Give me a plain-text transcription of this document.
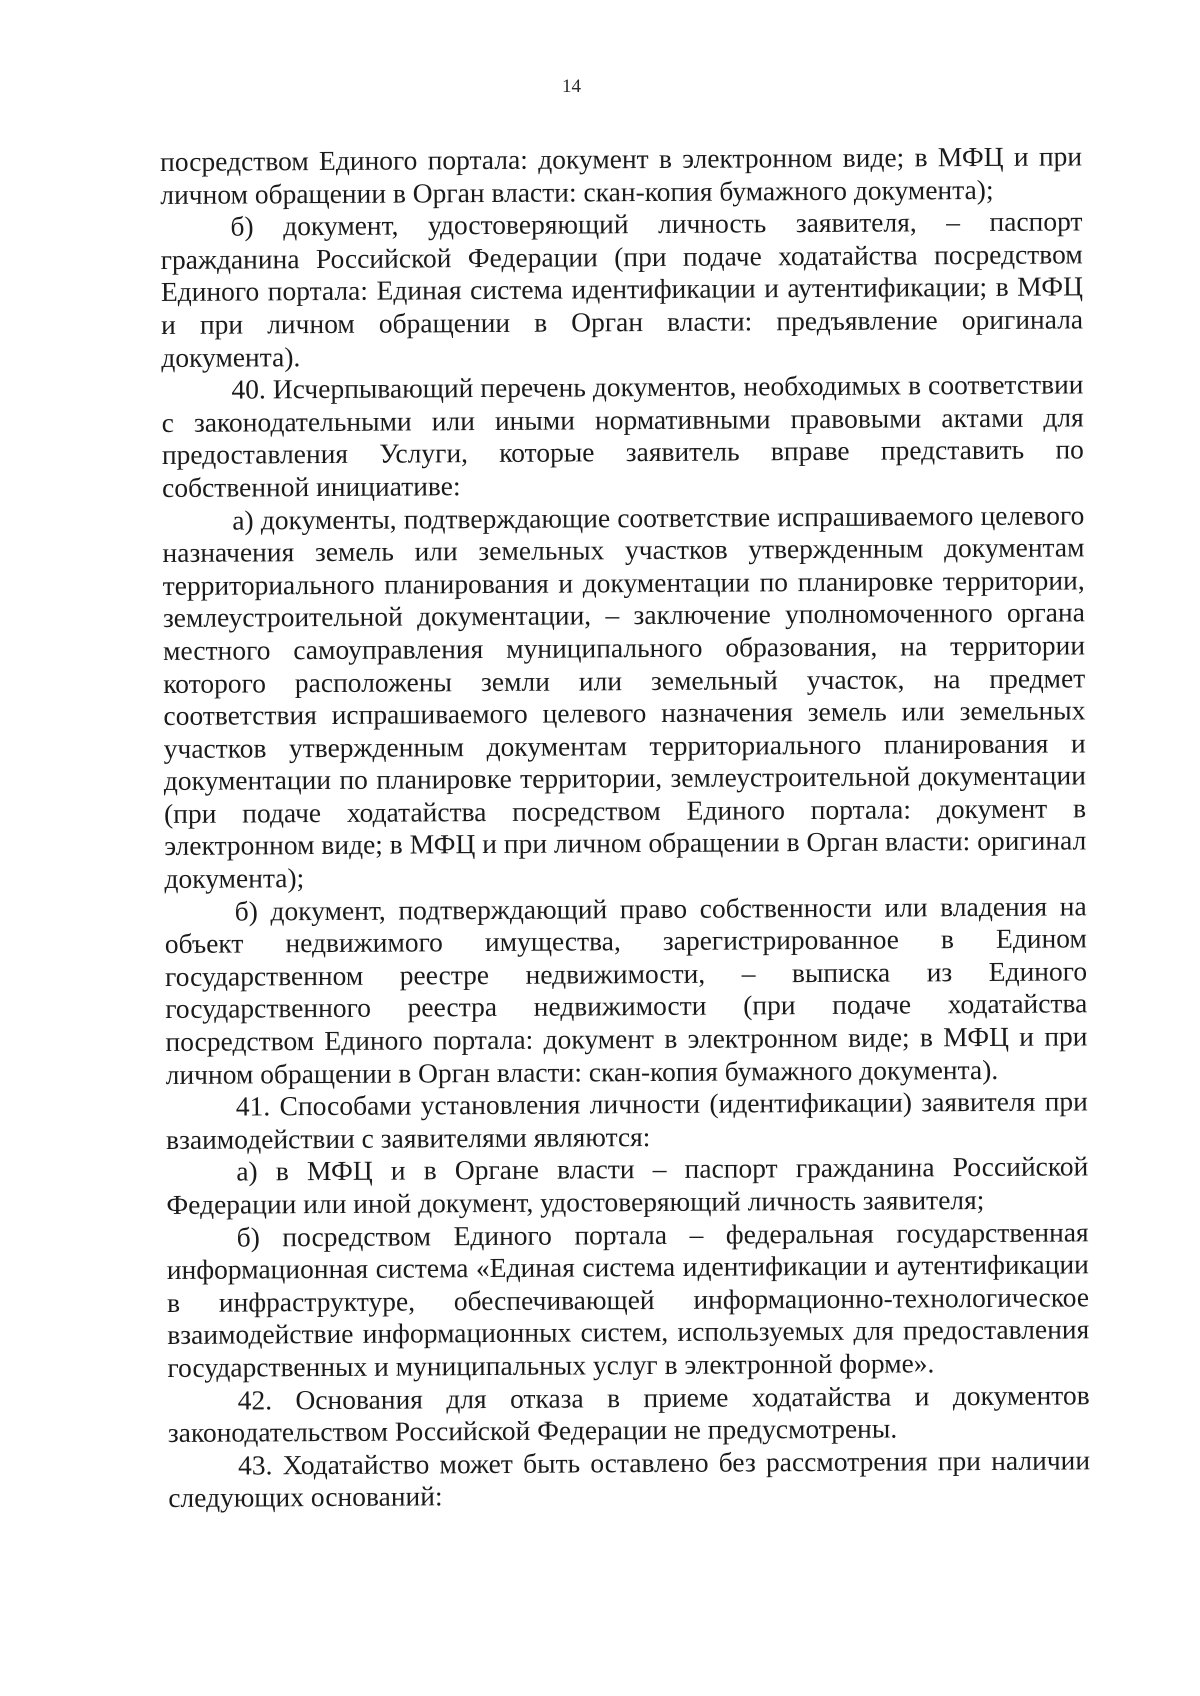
14

посредством Единого портала: документ в электронном виде; в МФЦ и при личном обращении в Орган власти: скан-копия бумажного документа);

б) документ, удостоверяющий личность заявителя, – паспорт гражданина Российской Федерации (при подаче ходатайства посредством Единого портала: Единая система идентификации и аутентификации; в МФЦ и при личном обращении в Орган власти: предъявление оригинала документа).

40. Исчерпывающий перечень документов, необходимых в соответствии с законодательными или иными нормативными правовыми актами для предоставления Услуги, которые заявитель вправе представить по собственной инициативе:

а) документы, подтверждающие соответствие испрашиваемого целевого назначения земель или земельных участков утвержденным документам территориального планирования и документации по планировке территории, землеустроительной документации, – заключение уполномоченного органа местного самоуправления муниципального образования, на территории которого расположены земли или земельный участок, на предмет соответствия испрашиваемого целевого назначения земель или земельных участков утвержденным документам территориального планирования и документации по планировке территории, землеустроительной документации (при подаче ходатайства посредством Единого портала: документ в электронном виде; в МФЦ и при личном обращении в Орган власти: оригинал документа);

б) документ, подтверждающий право собственности или владения на объект недвижимого имущества, зарегистрированное в Едином государственном реестре недвижимости, – выписка из Единого государственного реестра недвижимости (при подаче ходатайства посредством Единого портала: документ в электронном виде; в МФЦ и при личном обращении в Орган власти: скан-копия бумажного документа).

41. Способами установления личности (идентификации) заявителя при взаимодействии с заявителями являются:

а) в МФЦ и в Органе власти – паспорт гражданина Российской Федерации или иной документ, удостоверяющий личность заявителя;

б) посредством Единого портала – федеральная государственная информационная система «Единая система идентификации и аутентификации в инфраструктуре, обеспечивающей информационно-технологическое взаимодействие информационных систем, используемых для предоставления государственных и муниципальных услуг в электронной форме».

42. Основания для отказа в приеме ходатайства и документов законодательством Российской Федерации не предусмотрены.

43. Ходатайство может быть оставлено без рассмотрения при наличии следующих оснований:
